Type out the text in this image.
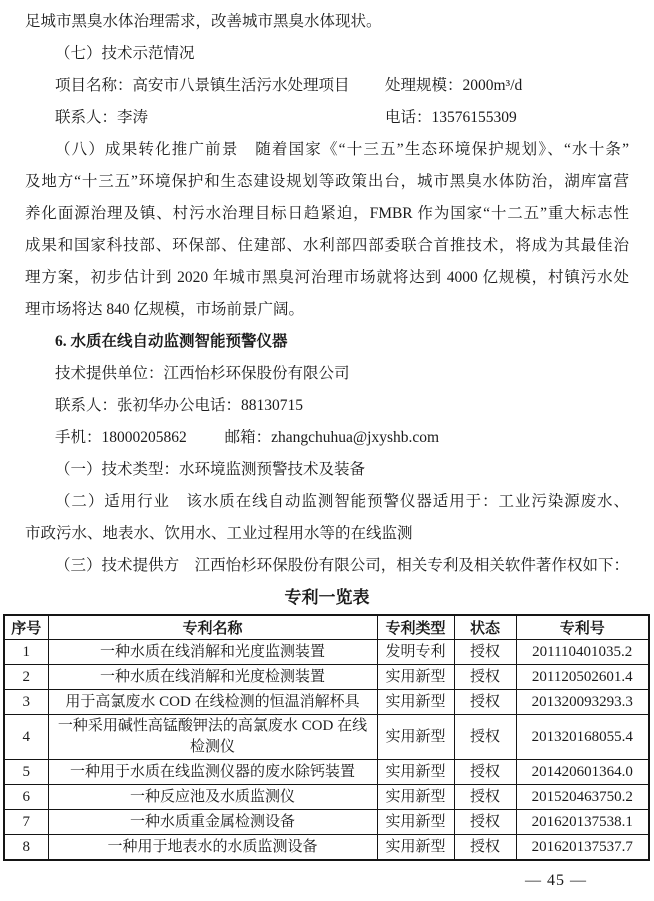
足城市黑臭水体治理需求，改善城市黑臭水体现状。
（七）技术示范情况
项目名称：高安市八景镇生活污水处理项目 处理规模：2000m³/d
联系人：李涛	电话：13576155309
（八）成果转化推广前景　随着国家《“十三五”生态环境保护规划》、“水十条”
及地方“十三五”环境保护和生态建设规划等政策出台，城市黑臭水体防治，湖库富营
养化面源治理及镇、村污水治理目标日趋紧迫，FMBR 作为国家“十二五”重大标志性
成果和国家科技部、环保部、住建部、水利部四部委联合首推技术，将成为其最佳治
理方案，初步估计到 2020 年城市黑臭河治理市场就将达到 4000 亿规模，村镇污水处
理市场将达 840 亿规模，市场前景广阔。
6. 水质在线自动监测智能预警仪器
技术提供单位：江西怡杉环保股份有限公司
联系人：张初华办公电话：88130715
手机：18000205862 邮箱：zhangchuhua@jxyshb.com
（一）技术类型：水环境监测预警技术及装备
（二）适用行业　该水质在线自动监测智能预警仪器适用于：工业污染源废水、
市政污水、地表水、饮用水、工业过程用水等的在线监测
（三）技术提供方　江西怡杉环保股份有限公司，相关专利及相关软件著作权如下：
专利一览表
序号	专利名称	专利类型	状态	专利号
1	一种水质在线消解和光度监测装置	发明专利	授权	201110401035.2
2	一种水质在线消解和光度检测装置	实用新型	授权	201120502601.4
3	用于高氯废水 COD 在线检测的恒温消解杯具	实用新型	授权	201320093293.3
4	一种采用碱性高锰酸钾法的高氯废水 COD 在线检测仪	实用新型	授权	201320168055.4
5	一种用于水质在线监测仪器的废水除钙装置	实用新型	授权	201420601364.0
6	一种反应池及水质监测仪	实用新型	授权	201520463750.2
7	一种水质重金属检测设备	实用新型	授权	201620137538.1
8	一种用于地表水的水质监测设备	实用新型	授权	201620137537.7
— 45 —
